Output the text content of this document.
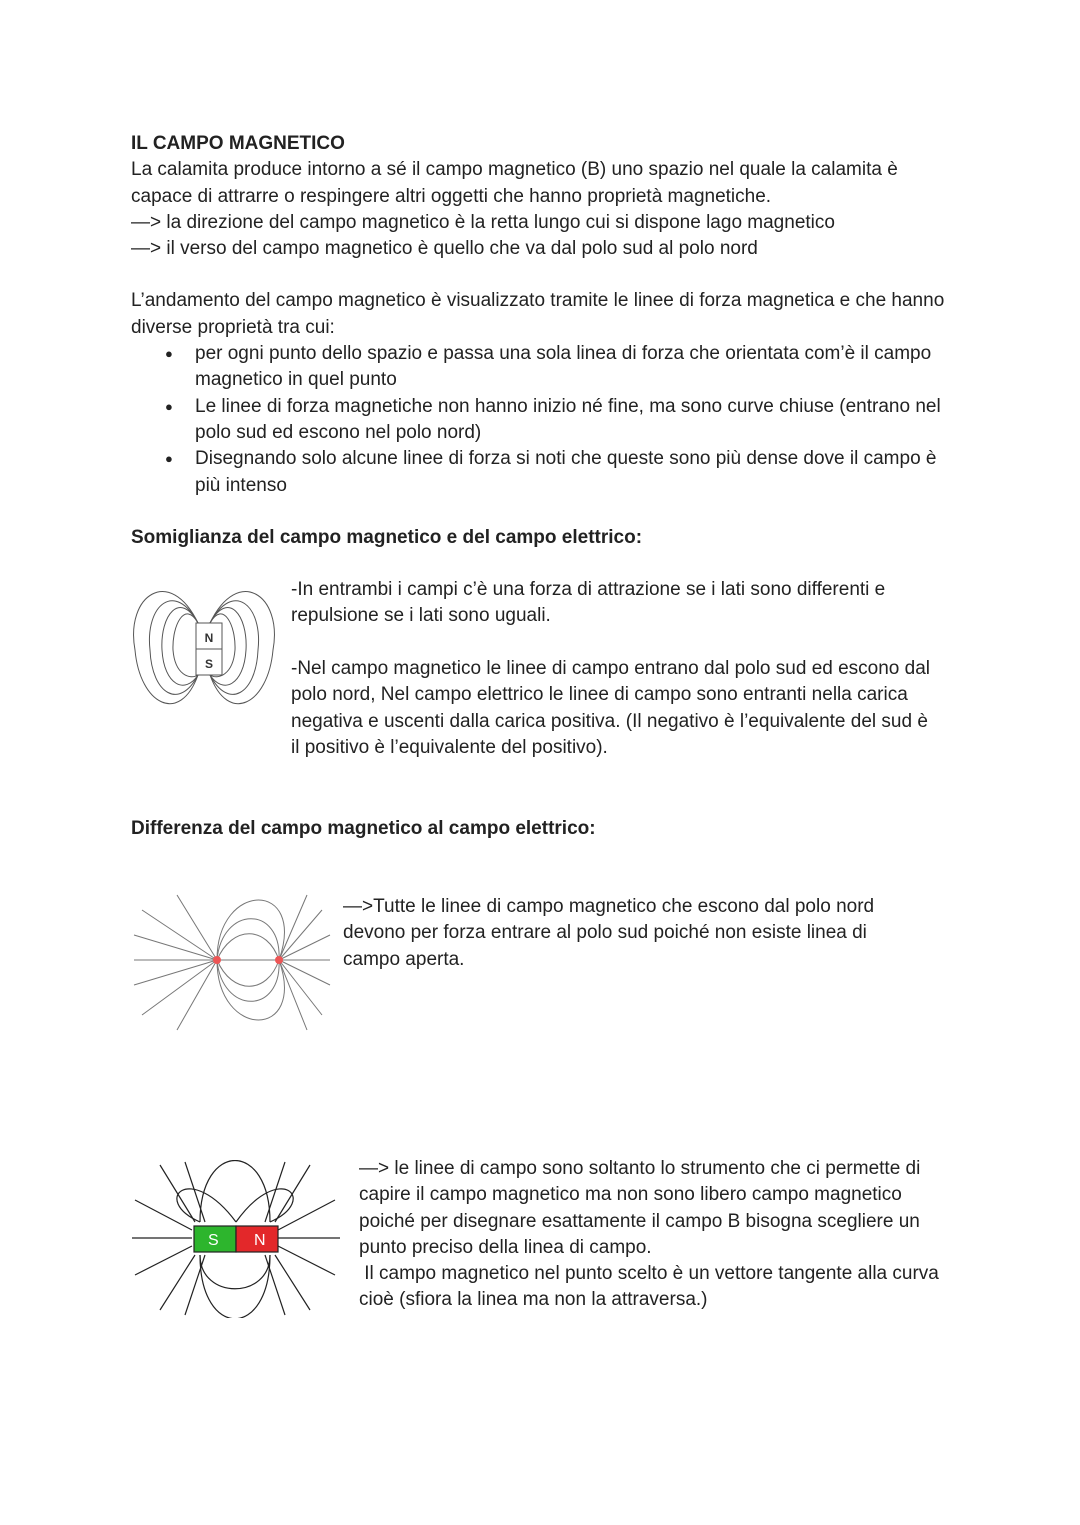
IL CAMPO MAGNETICO

La calamita produce intorno a sé il campo magnetico (B) uno spazio nel quale la calamita è capace di attrarre o respingere altri oggetti che hanno proprietà magnetiche.

—> la direzione del campo magnetico è la retta lungo cui si dispone lago magnetico

—> il verso del campo magnetico è quello che va dal polo sud al polo nord

L’andamento del campo magnetico è visualizzato tramite le linee di forza magnetica e che hanno diverse proprietà tra cui:

● per ogni punto dello spazio e passa una sola linea di forza che orientata com’è il campo magnetico in quel punto
● Le linee di forza magnetiche non hanno inizio né fine, ma sono curve chiuse (entrano nel polo sud ed escono nel polo nord)
● Disegnando solo alcune linee di forza si noti che queste sono più dense dove il campo è più intenso

Somiglianza del campo magnetico e del campo elettrico:

N
S

-In entrambi i campi c’è una forza di attrazione se i lati sono differenti e repulsione se i lati sono uguali.

-Nel campo magnetico le linee di campo entrano dal polo sud ed escono dal polo nord, Nel campo elettrico le linee di campo sono entranti nella carica negativa e uscenti dalla carica positiva. (Il negativo è l’equivalente del sud è il positivo è l’equivalente del positivo).

Differenza del campo magnetico al campo elettrico:
—>Tutte le linee di campo magnetico che escono dal polo nord devono per forza entrare al polo sud poiché non esiste linea di campo aperta.
S N

—> le linee di campo sono soltanto lo strumento che ci permette di capire il campo magnetico ma non sono libero campo magnetico poiché per disegnare esattamente il campo B bisogna scegliere un punto preciso della linea di campo.

Il campo magnetico nel punto scelto è un vettore tangente alla curva cioè (sfiora la linea ma non la attraversa.)
